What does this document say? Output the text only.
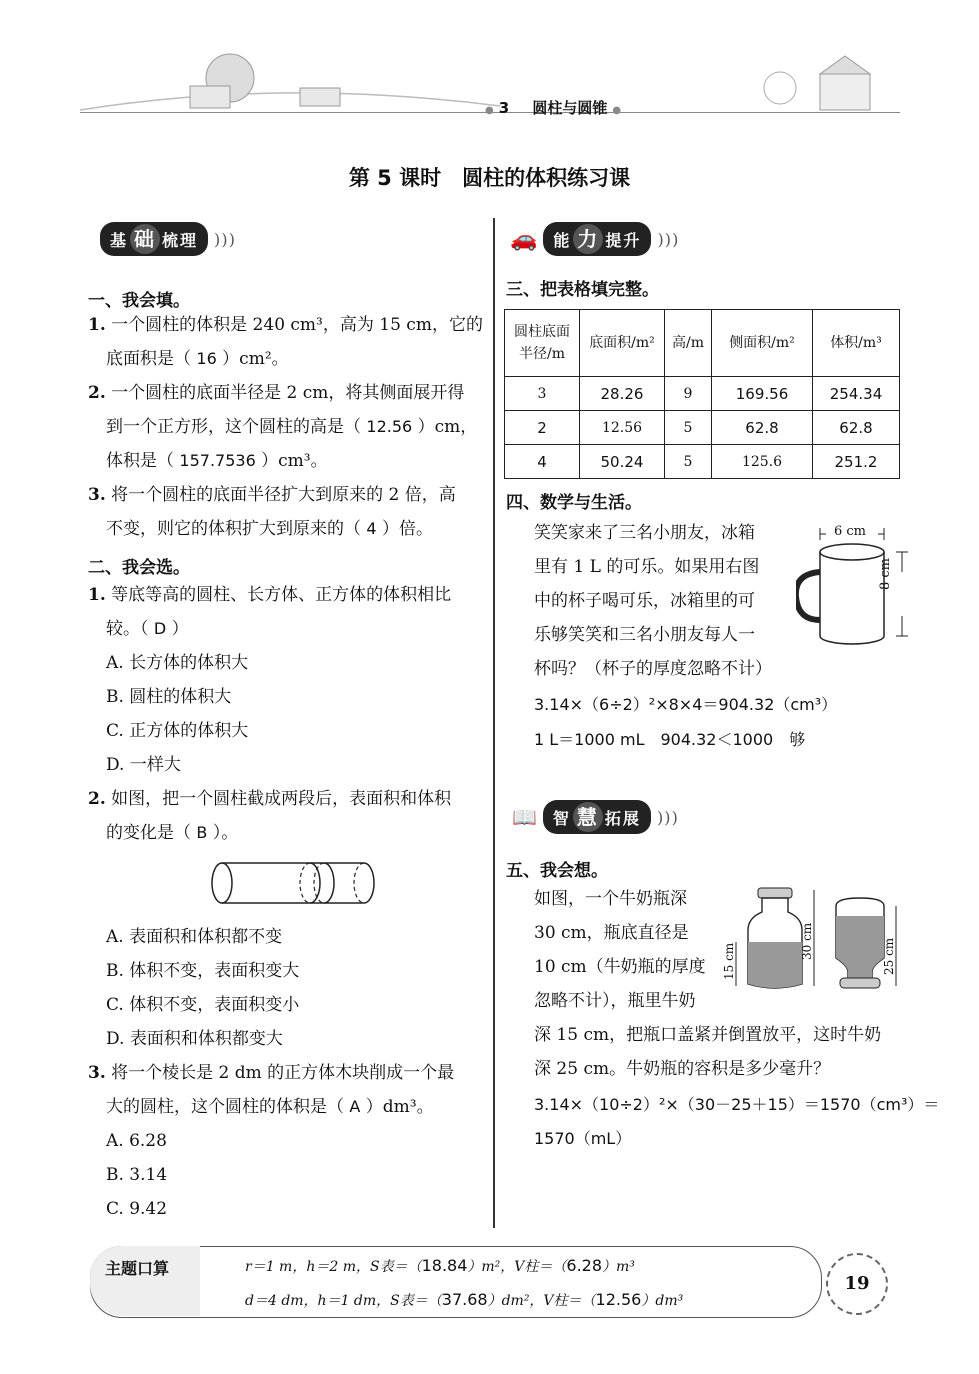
● 3 圆柱与圆锥 ●
第 5 课时　圆柱的体积练习课
基 础 梳理	) ) )
一、我会填。
1. 一个圆柱的体积是 240 cm³，高为 15 cm，它的
底面积是（ 16 ）cm²。
2. 一个圆柱的底面半径是 2 cm，将其侧面展开得
到一个正方形，这个圆柱的高是（ 12.56 ）cm，
体积是（ 157.7536 ）cm³。
3. 将一个圆柱的底面半径扩大到原来的 2 倍，高
不变，则它的体积扩大到原来的（ 4 ）倍。
二、我会选。
1. 等底等高的圆柱、长方体、正方体的体积相比
较。（ D ）
A. 长方体的体积大
B. 圆柱的体积大
C. 正方体的体积大
D. 一样大
2. 如图，把一个圆柱截成两段后，表面积和体积
的变化是（ B ）。
A. 表面积和体积都不变
B. 体积不变，表面积变大
C. 体积不变，表面积变小
D. 表面积和体积都变大
3. 将一个棱长是 2 dm 的正方体木块削成一个最
大的圆柱，这个圆柱的体积是（ A ）dm³。
A. 6.28
B. 3.14
C. 9.42
🚗	能 力 提升	) ) )
三、把表格填完整。
圆柱底面半径/m	底面积/m²	高/m	侧面积/m²	体积/m³
3	28.26	9	169.56	254.34
2	12.56	5	62.8	62.8
4	50.24	5	125.6	251.2
四、数学与生活。
笑笑家来了三名小朋友，冰箱
里有 1 L 的可乐。如果用右图
中的杯子喝可乐，冰箱里的可
乐够笑笑和三名小朋友每人一
杯吗？（杯子的厚度忽略不计）
6 cm
8 cm
3.14×（6÷2）²×8×4＝904.32（cm³）
1 L＝1000 mL　904.32＜1000　够
📖	智 慧 拓展	) ) )
五、我会想。
如图，一个牛奶瓶深
30 cm，瓶底直径是
10 cm（牛奶瓶的厚度
忽略不计），瓶里牛奶
深 15 cm，把瓶口盖紧并倒置放平，这时牛奶
深 25 cm。牛奶瓶的容积是多少毫升？
15 cm
30 cm	25 cm
3.14×（10÷2）²×（30－25＋15）＝1570（cm³）＝
1570（mL）
主题口算	r＝1 m，h＝2 m，S表＝（18.84）m²，V柱＝（6.28）m³
d＝4 dm，h＝1 dm，S表＝（37.68）dm²，V柱＝（12.56）dm³
19
